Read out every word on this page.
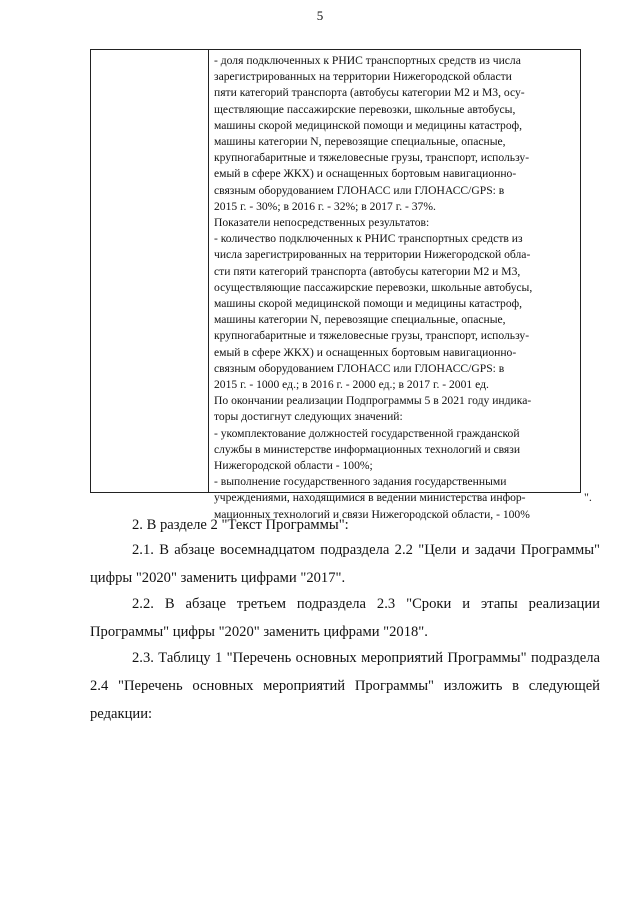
5
- доля подключенных к РНИС транспортных средств из числа
зарегистрированных на территории Нижегородской области
пяти категорий транспорта (автобусы категории М2 и М3, осу-
ществляющие пассажирские перевозки, школьные автобусы,
машины скорой медицинской помощи и медицины катастроф,
машины категории N, перевозящие специальные, опасные,
крупногабаритные и тяжеловесные грузы, транспорт, использу-
емый в сфере ЖКХ) и оснащенных бортовым навигационно-
связным оборудованием ГЛОНАСС или ГЛОНАСС/GPS: в
2015 г. - 30%; в 2016 г. - 32%; в 2017 г. - 37%.
Показатели непосредственных результатов:
- количество подключенных к РНИС транспортных средств из
числа зарегистрированных на территории Нижегородской обла-
сти пяти категорий транспорта (автобусы категории М2 и М3,
осуществляющие пассажирские перевозки, школьные автобусы,
машины скорой медицинской помощи и медицины катастроф,
машины категории N, перевозящие специальные, опасные,
крупногабаритные и тяжеловесные грузы, транспорт, использу-
емый в сфере ЖКХ) и оснащенных бортовым навигационно-
связным оборудованием ГЛОНАСС или ГЛОНАСС/GPS: в
2015 г. - 1000 ед.; в 2016 г. - 2000 ед.; в 2017 г. - 2001 ед.
По окончании реализации Подпрограммы 5 в 2021 году индика-
торы достигнут следующих значений:
- укомплектование должностей государственной гражданской
службы в министерстве информационных технологий и связи
Нижегородской области - 100%;
- выполнение государственного задания государственными
учреждениями, находящимися в ведении министерства инфор-
мационных технологий и связи Нижегородской области, - 100%
".
2. В разделе 2 "Текст Программы":
2.1. В абзаце восемнадцатом подраздела 2.2 "Цели и задачи Программы" цифры "2020" заменить цифрами "2017".
2.2. В абзаце третьем подраздела 2.3 "Сроки и этапы реализации Программы" цифры "2020" заменить цифрами "2018".
2.3. Таблицу 1 "Перечень основных мероприятий Программы" подраздела 2.4 "Перечень основных мероприятий Программы" изложить в следующей редакции:
